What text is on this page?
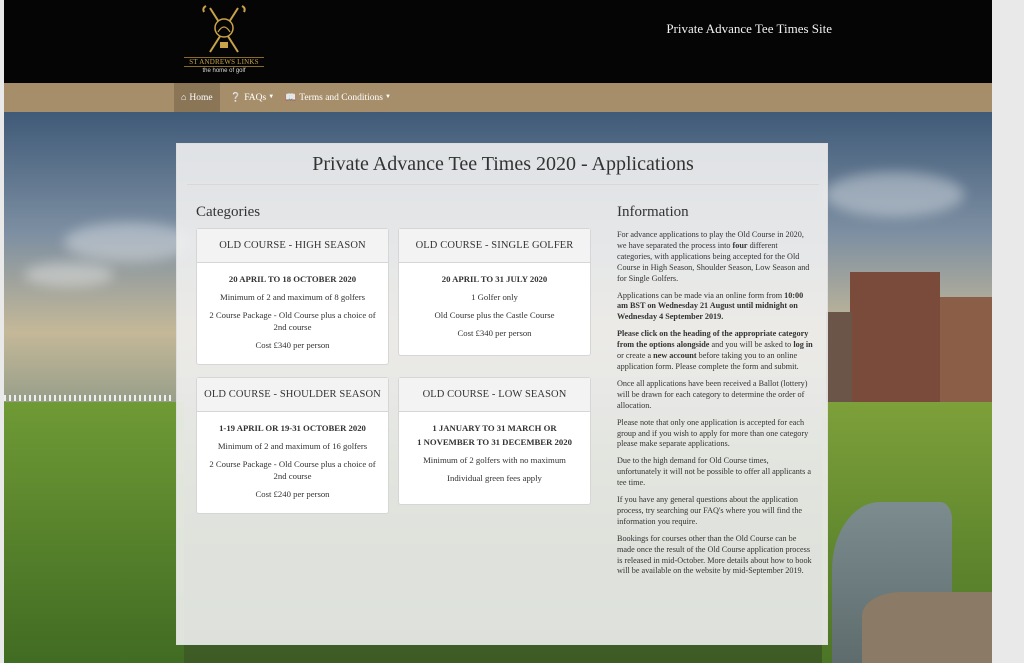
ST ANDREWS LINKS
the home of golf
Private Advance Tee Times Site
⌂ Home	❔ FAQs ▼	📖 Terms and Conditions ▼
Private Advance Tee Times 2020 - Applications
Categories	Information
OLD COURSE - HIGH SEASON
20 APRIL TO 18 OCTOBER 2020

Minimum of 2 and maximum of 8 golfers

2 Course Package - Old Course plus a choice of 2nd course

Cost £340 per person

OLD COURSE - SINGLE GOLFER
20 APRIL TO 31 JULY 2020

1 Golfer only

Old Course plus the Castle Course

Cost £340 per person

OLD COURSE - SHOULDER SEASON
1-19 APRIL OR 19-31 OCTOBER 2020

Minimum of 2 and maximum of 16 golfers

2 Course Package - Old Course plus a choice of 2nd course

Cost £240 per person

OLD COURSE - LOW SEASON
1 JANUARY TO 31 MARCH OR
1 NOVEMBER TO 31 DECEMBER 2020

Minimum of 2 golfers with no maximum

Individual green fees apply

For advance applications to play the Old Course in 2020, we have separated the process into four different categories, with applications being accepted for the Old Course in High Season, Shoulder Season, Low Season and for Single Golfers.

Applications can be made via an online form from 10:00 am BST on Wednesday 21 August until midnight on Wednesday 4 September 2019.

Please click on the heading of the appropriate category from the options alongside and you will be asked to log in or create a new account before taking you to an online application form. Please complete the form and submit.

Once all applications have been received a Ballot (lottery) will be drawn for each category to determine the order of allocation.

Please note that only one application is accepted for each group and if you wish to apply for more than one category please make separate applications.

Due to the high demand for Old Course times, unfortunately it will not be possible to offer all applicants a tee time.

If you have any general questions about the application process, try searching our FAQ's where you will find the information you require.

Bookings for courses other than the Old Course can be made once the result of the Old Course application process is released in mid-October. More details about how to book will be available on the website by mid-September 2019.
